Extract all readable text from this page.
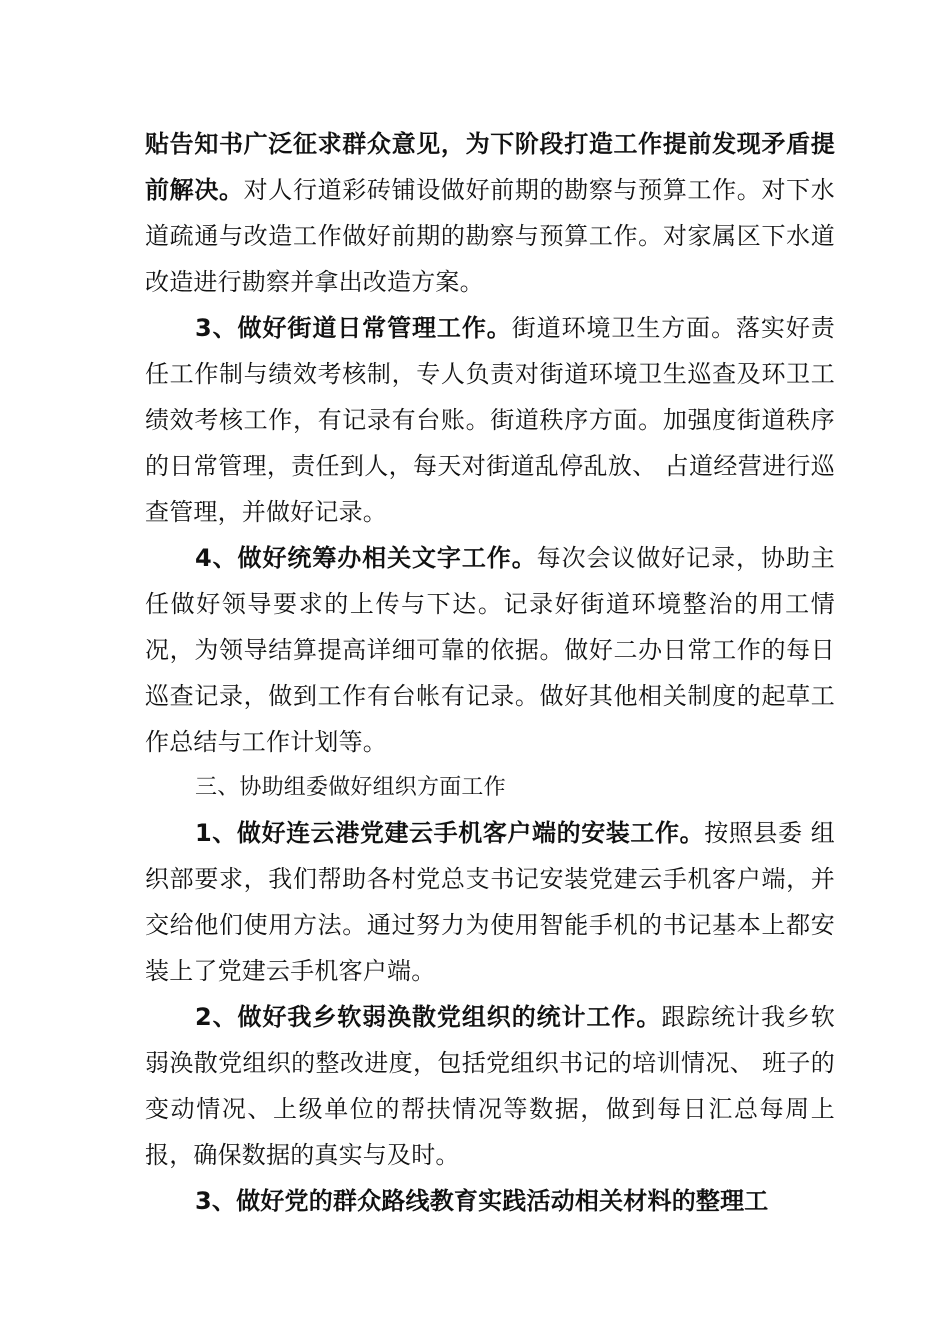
贴告知书广泛征求群众意见，为下阶段打造工作提前发现矛盾提前解决。对人行道彩砖铺设做好前期的勘察与预算工作。对下水道疏通与改造工作做好前期的勘察与预算工作。对家属区下水道改造进行勘察并拿出改造方案。

3、做好街道日常管理工作。街道环境卫生方面。落实好责任工作制与绩效考核制，专人负责对街道环境卫生巡查及环卫工绩效考核工作，有记录有台账。街道秩序方面。加强度街道秩序的日常管理，责任到人，每天对街道乱停乱放、 占道经营进行巡查管理，并做好记录。

4、做好统筹办相关文字工作。每次会议做好记录，协助主任做好领导要求的上传与下达。记录好街道环境整治的用工情况，为领导结算提高详细可靠的依据。做好二办日常工作的每日巡查记录，做到工作有台帐有记录。做好其他相关制度的起草工作总结与工作计划等。

三、协助组委做好组织方面工作

1、做好连云港党建云手机客户端的安装工作。按照县委 组织部要求，我们帮助各村党总支书记安装党建云手机客户端，并交给他们使用方法。通过努力为使用智能手机的书记基本上都安装上了党建云手机客户端。

2、做好我乡软弱涣散党组织的统计工作。跟踪统计我乡软弱涣散党组织的整改进度，包括党组织书记的培训情况、 班子的变动情况、上级单位的帮扶情况等数据，做到每日汇总每周上报，确保数据的真实与及时。

3、做好党的群众路线教育实践活动相关材料的整理工
